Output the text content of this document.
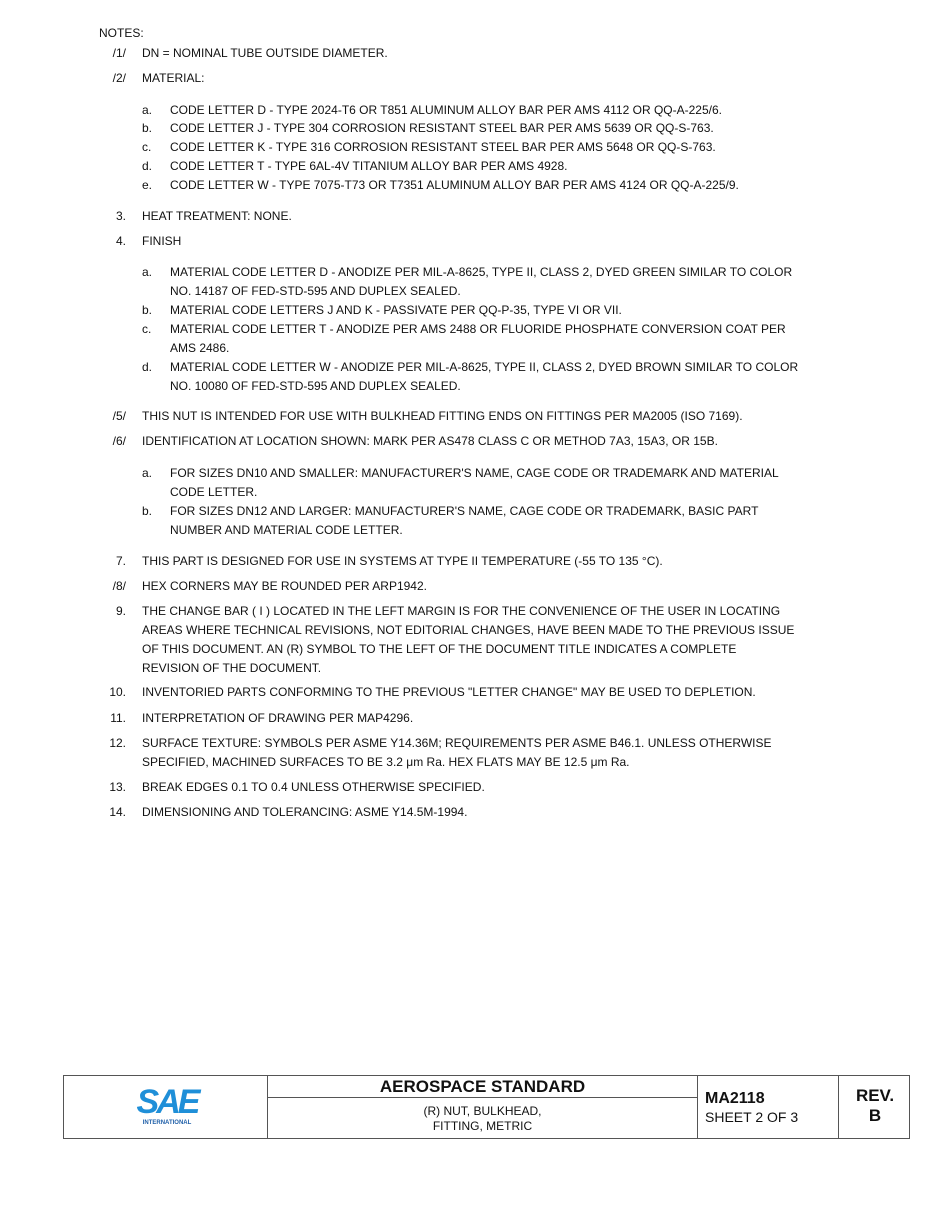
NOTES:
/1/ DN = NOMINAL TUBE OUTSIDE DIAMETER.
/2/ MATERIAL:
a. CODE LETTER D - TYPE 2024-T6 OR T851 ALUMINUM ALLOY BAR PER AMS 4112 OR QQ-A-225/6.
b. CODE LETTER J - TYPE 304 CORROSION RESISTANT STEEL BAR PER AMS 5639 OR QQ-S-763.
c. CODE LETTER K - TYPE 316 CORROSION RESISTANT STEEL BAR PER AMS 5648 OR QQ-S-763.
d. CODE LETTER T - TYPE 6AL-4V TITANIUM ALLOY BAR PER AMS 4928.
e. CODE LETTER W - TYPE 7075-T73 OR T7351 ALUMINUM ALLOY BAR PER AMS 4124 OR QQ-A-225/9.
3. HEAT TREATMENT: NONE.
4. FINISH
a. MATERIAL CODE LETTER D - ANODIZE PER MIL-A-8625, TYPE II, CLASS 2, DYED GREEN SIMILAR TO COLOR
NO. 14187 OF FED-STD-595 AND DUPLEX SEALED.
b. MATERIAL CODE LETTERS J AND K - PASSIVATE PER QQ-P-35, TYPE VI OR VII.
c. MATERIAL CODE LETTER T - ANODIZE PER AMS 2488 OR FLUORIDE PHOSPHATE CONVERSION COAT PER
AMS 2486.
d. MATERIAL CODE LETTER W - ANODIZE PER MIL-A-8625, TYPE II, CLASS 2, DYED BROWN SIMILAR TO COLOR
NO. 10080 OF FED-STD-595 AND DUPLEX SEALED.
/5/ THIS NUT IS INTENDED FOR USE WITH BULKHEAD FITTING ENDS ON FITTINGS PER MA2005 (ISO 7169).
/6/ IDENTIFICATION AT LOCATION SHOWN: MARK PER AS478 CLASS C OR METHOD 7A3, 15A3, OR 15B.
a. FOR SIZES DN10 AND SMALLER: MANUFACTURER'S NAME, CAGE CODE OR TRADEMARK AND MATERIAL
CODE LETTER.
b. FOR SIZES DN12 AND LARGER: MANUFACTURER'S NAME, CAGE CODE OR TRADEMARK, BASIC PART
NUMBER AND MATERIAL CODE LETTER.
7. THIS PART IS DESIGNED FOR USE IN SYSTEMS AT TYPE II TEMPERATURE (-55 TO 135 °C).
/8/ HEX CORNERS MAY BE ROUNDED PER ARP1942.
9. THE CHANGE BAR ( I ) LOCATED IN THE LEFT MARGIN IS FOR THE CONVENIENCE OF THE USER IN LOCATING
AREAS WHERE TECHNICAL REVISIONS, NOT EDITORIAL CHANGES, HAVE BEEN MADE TO THE PREVIOUS ISSUE
OF THIS DOCUMENT. AN (R) SYMBOL TO THE LEFT OF THE DOCUMENT TITLE INDICATES A COMPLETE
REVISION OF THE DOCUMENT.
10. INVENTORIED PARTS CONFORMING TO THE PREVIOUS "LETTER CHANGE" MAY BE USED TO DEPLETION.
11. INTERPRETATION OF DRAWING PER MAP4296.
12. SURFACE TEXTURE: SYMBOLS PER ASME Y14.36M; REQUIREMENTS PER ASME B46.1. UNLESS OTHERWISE
SPECIFIED, MACHINED SURFACES TO BE 3.2 μm Ra. HEX FLATS MAY BE 12.5 μm Ra.
13. BREAK EDGES 0.1 TO 0.4 UNLESS OTHERWISE SPECIFIED.
14. DIMENSIONING AND TOLERANCING: ASME Y14.5M-1994.
SAE
INTERNATIONAL
AEROSPACE STANDARD
(R) NUT, BULKHEAD,
FITTING, METRIC
MA2118
SHEET 2 OF 3
REV.
B
